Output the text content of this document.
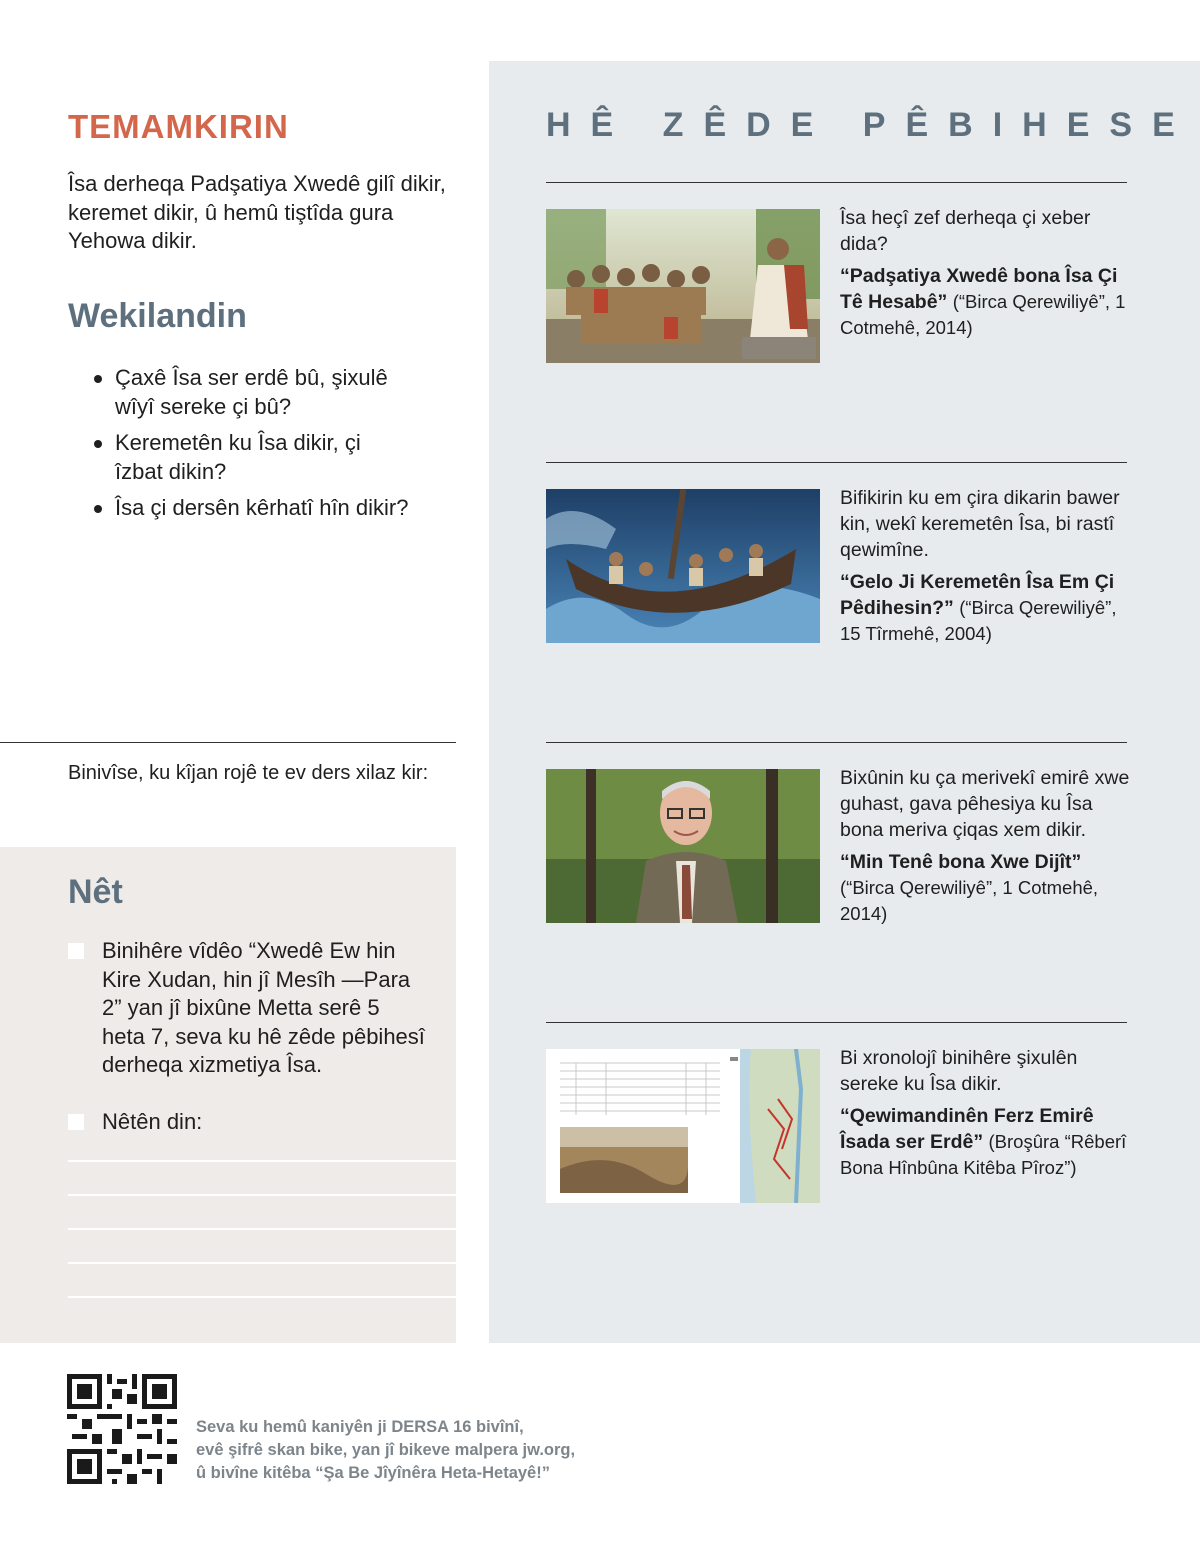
TEMAMKIRIN
Îsa derheqa Padşatiya Xwedê gilî dikir, keremet dikir, û hemû tiştîda gura Yehowa dikir.
Wekilandin
Çaxê Îsa ser erdê bû, şixulê wîyî sereke çi bû?
Keremetên ku Îsa dikir, çi îzbat dikin?
Îsa çi dersên kêrhatî hîn dikir?
Binivîse, ku kîjan rojê te ev ders xilaz kir:
Nêt
Binihêre vîdêo “Xwedê Ew hin Kire Xudan, hin jî Mesîh —Para 2” yan jî bixûne Metta serê 5 heta 7, seva ku hê zêde pêbihesî derheqa xizmetiya Îsa.
Nêtên din:
HÊ ZÊDE PÊBIHESE
Îsa heçî zef derheqa çi xeber dida?
“Padşatiya Xwedê bona Îsa Çi Tê Hesabê” (“Birca Qerewiliyê”, 1 Cotmehê, 2014)
Bifikirin ku em çira dikarin bawer kin, wekî keremetên Îsa, bi rastî qewimîne.
“Gelo Ji Keremetên Îsa Em Çi Pêdihesin?” (“Birca Qerewiliyê”, 15 Tîrmehê, 2004)
Bixûnin ku ça merivekî emirê xwe guhast, gava pêhesiya ku Îsa bona meriva çiqas xem dikir.
“Min Tenê bona Xwe Dijît” (“Birca Qerewiliyê”, 1 Cotmehê, 2014)
Bi xronolojî binihêre şixulên sereke ku Îsa dikir.
“Qewimandinên Ferz Emirê Îsada ser Erdê” (Broşûra “Rêberî Bona Hînbûna Kitêba Pîroz”)
Seva ku hemû kaniyên ji DERSA 16 bivînî,
evê şifrê skan bike, yan jî bikeve malpera jw.org,
û bivîne kitêba “Şa Be Jîyînêra Heta-Hetayê!”
